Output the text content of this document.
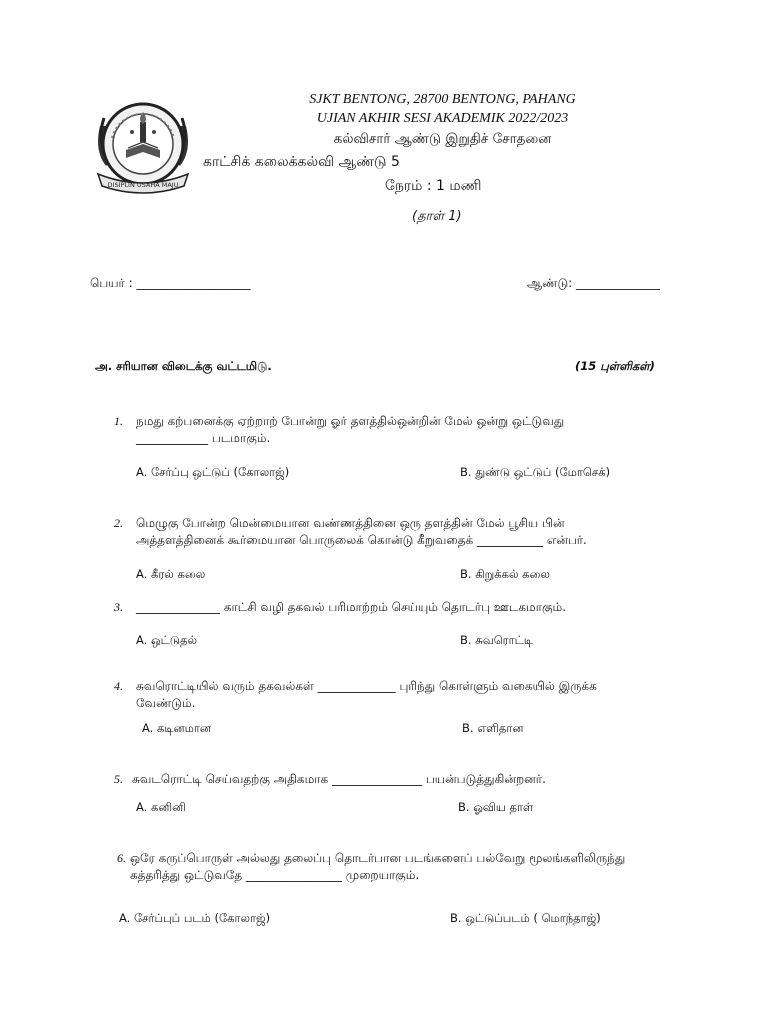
DISIPLIN USAHA MAJU
SJKT BENTONG, 28700 BENTONG, PAHANG
UJIAN AKHIR SESI AKADEMIK 2022/2023
கல்விசார் ஆண்டு இறுதிச் சோதனை
காட்சிக் கலைக்கல்வி ஆண்டு 5
நேரம் : 1 மணி
(தாள் 1)
பெயர் : ___________________	ஆண்டு: ______________
அ. சரியான விடைக்கு வட்டமிடு.	(15 புள்ளிகள்)
1. நமது கற்பனைக்கு ஏற்றாற் போன்று ஓர் தளத்தில்ஒன்றின் மேல் ஒன்று ஒட்டுவது
____________ படமாகும்.
A. சேர்ப்பு ஒட்டுப் (கோலாஜ்)	B. துண்டு ஒட்டுப் (மோசெக்)
2. மெழுகு போன்ற மென்மையான வண்ணத்தினை ஒரு தளத்தின் மேல் பூசிய பின்
அத்தளத்தினைக் கூர்மையான பொருலைக் கொன்டு கீறுவதைக் ___________ என்பர்.
A. கீரல் கலை	B. கிறுக்கல் கலை
3. ______________ காட்சி வழி தகவல் பரிமாற்றம் செய்யும் தொடர்பு ஊடகமாகும்.
A. ஒட்டுதல்	B. சுவரொட்டி
4. சுவரொட்டியில் வரும் தகவல்கள் _____________ புரிந்து கொள்ளும் வகையில் இருக்க
வேண்டும்.
A. கடினமான	B. எளிதான
5. சுவடரொட்டி செய்வதற்கு அதிகமாக _______________ பயன்படுத்துகின்றனர்.
A. கனினி	B. ஓவிய தாள்
6. ஒரே கருப்பொருள் அல்லது தலைப்பு தொடர்பான படங்களைப் பல்வேறு மூலங்களிலிருந்து
கத்தரித்து ஒட்டுவதே ________________ முறையாகும்.
A. சேர்ப்புப் படம் (கோலாஜ்)	B. ஒட்டுப்படம் ( மொந்தாஜ்)
